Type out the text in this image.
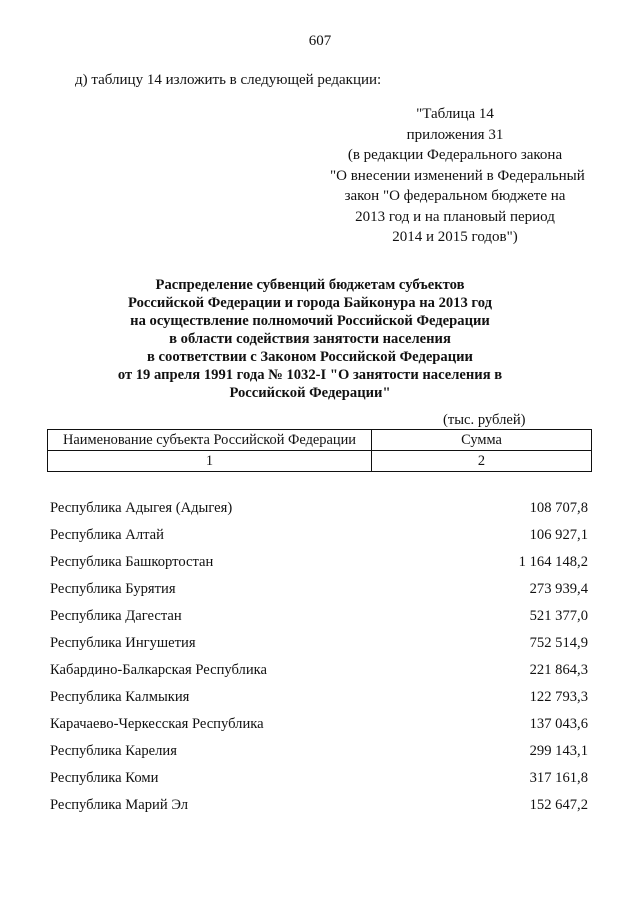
607
д) таблицу 14 изложить в следующей редакции:
"Таблица 14
приложения 31
(в редакции Федерального закона
"О внесении изменений в Федеральный
закон "О федеральном бюджете на
2013 год и на плановый период
2014 и 2015 годов")
Распределение субвенций бюджетам субъектов
Российской Федерации и города Байконура на 2013 год
на осуществление полномочий Российской Федерации
в области содействия занятости населения
в соответствии с Законом Российской Федерации
от 19 апреля 1991 года № 1032-I "О занятости населения в
Российской Федерации"
(тыс. рублей)
Наименование субъекта Российской Федерации	Сумма
1	2
Республика Адыгея (Адыгея)	108 707,8
Республика Алтай	106 927,1
Республика Башкортостан	1 164 148,2
Республика Бурятия	273 939,4
Республика Дагестан	521 377,0
Республика Ингушетия	752 514,9
Кабардино-Балкарская Республика	221 864,3
Республика Калмыкия	122 793,3
Карачаево-Черкесская Республика	137 043,6
Республика Карелия	299 143,1
Республика Коми	317 161,8
Республика Марий Эл	152 647,2
